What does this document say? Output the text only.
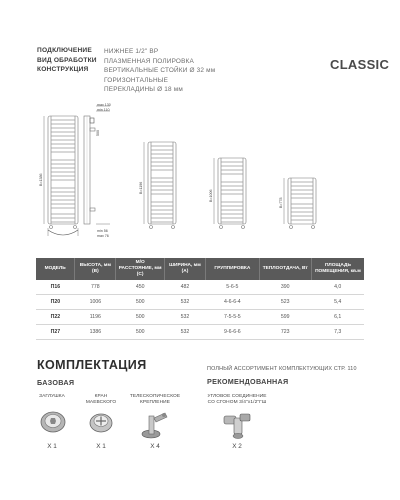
ПОДКЛЮЧЕНИЕ
ВИД ОБРАБОТКИ
КОНСТРУКЦИЯ
НИЖНЕЕ 1/2" ВР
ПЛАЗМЕННАЯ ПОЛИРОВКА
ВЕРТИКАЛЬНЫЕ СТОЙКИ Ø 32 мм
ГОРИЗОНТАЛЬНЫЕ
ПЕРЕКЛАДИНЫ Ø 18 мм
CLASSIC
В=1386
max 130
min 110
500
min 56
max 76
В=1196
В=1006
В=778
МОДЕЛЬ	ВЫСОТА, мм (В)	М/О РАССТОЯНИЕ, мм (С)	ШИРИНА, мм (А)	ГРУППИРОВКА	ТЕПЛООТДАЧА, Вт	ПЛОЩАДЬ ПОМЕЩЕНИЯ, кв.м
П16	778	450	482	5-6-5	390	4,0
П20	1006	500	532	4-6-6-4	523	5,4
П22	1196	500	532	7-5-5-5	599	6,1
П27	1386	500	532	9-6-6-6	723	7,3
КОМПЛЕКТАЦИЯ
БАЗОВАЯ
ПОЛНЫЙ АССОРТИМЕНТ КОМПЛЕКТУЮЩИХ СТР. 110
РЕКОМЕНДОВАННАЯ
ЗАГЛУШКА
Х 1
КРАН МАЕВСКОГО
Х 1
ТЕЛЕСКОПИЧЕСКОЕ КРЕПЛЕНИЕ
Х 4
УГЛОВОЕ СОЕДИНЕНИЕ СО СГОНОМ 3/4"x1/2"ГШ
Х 2
